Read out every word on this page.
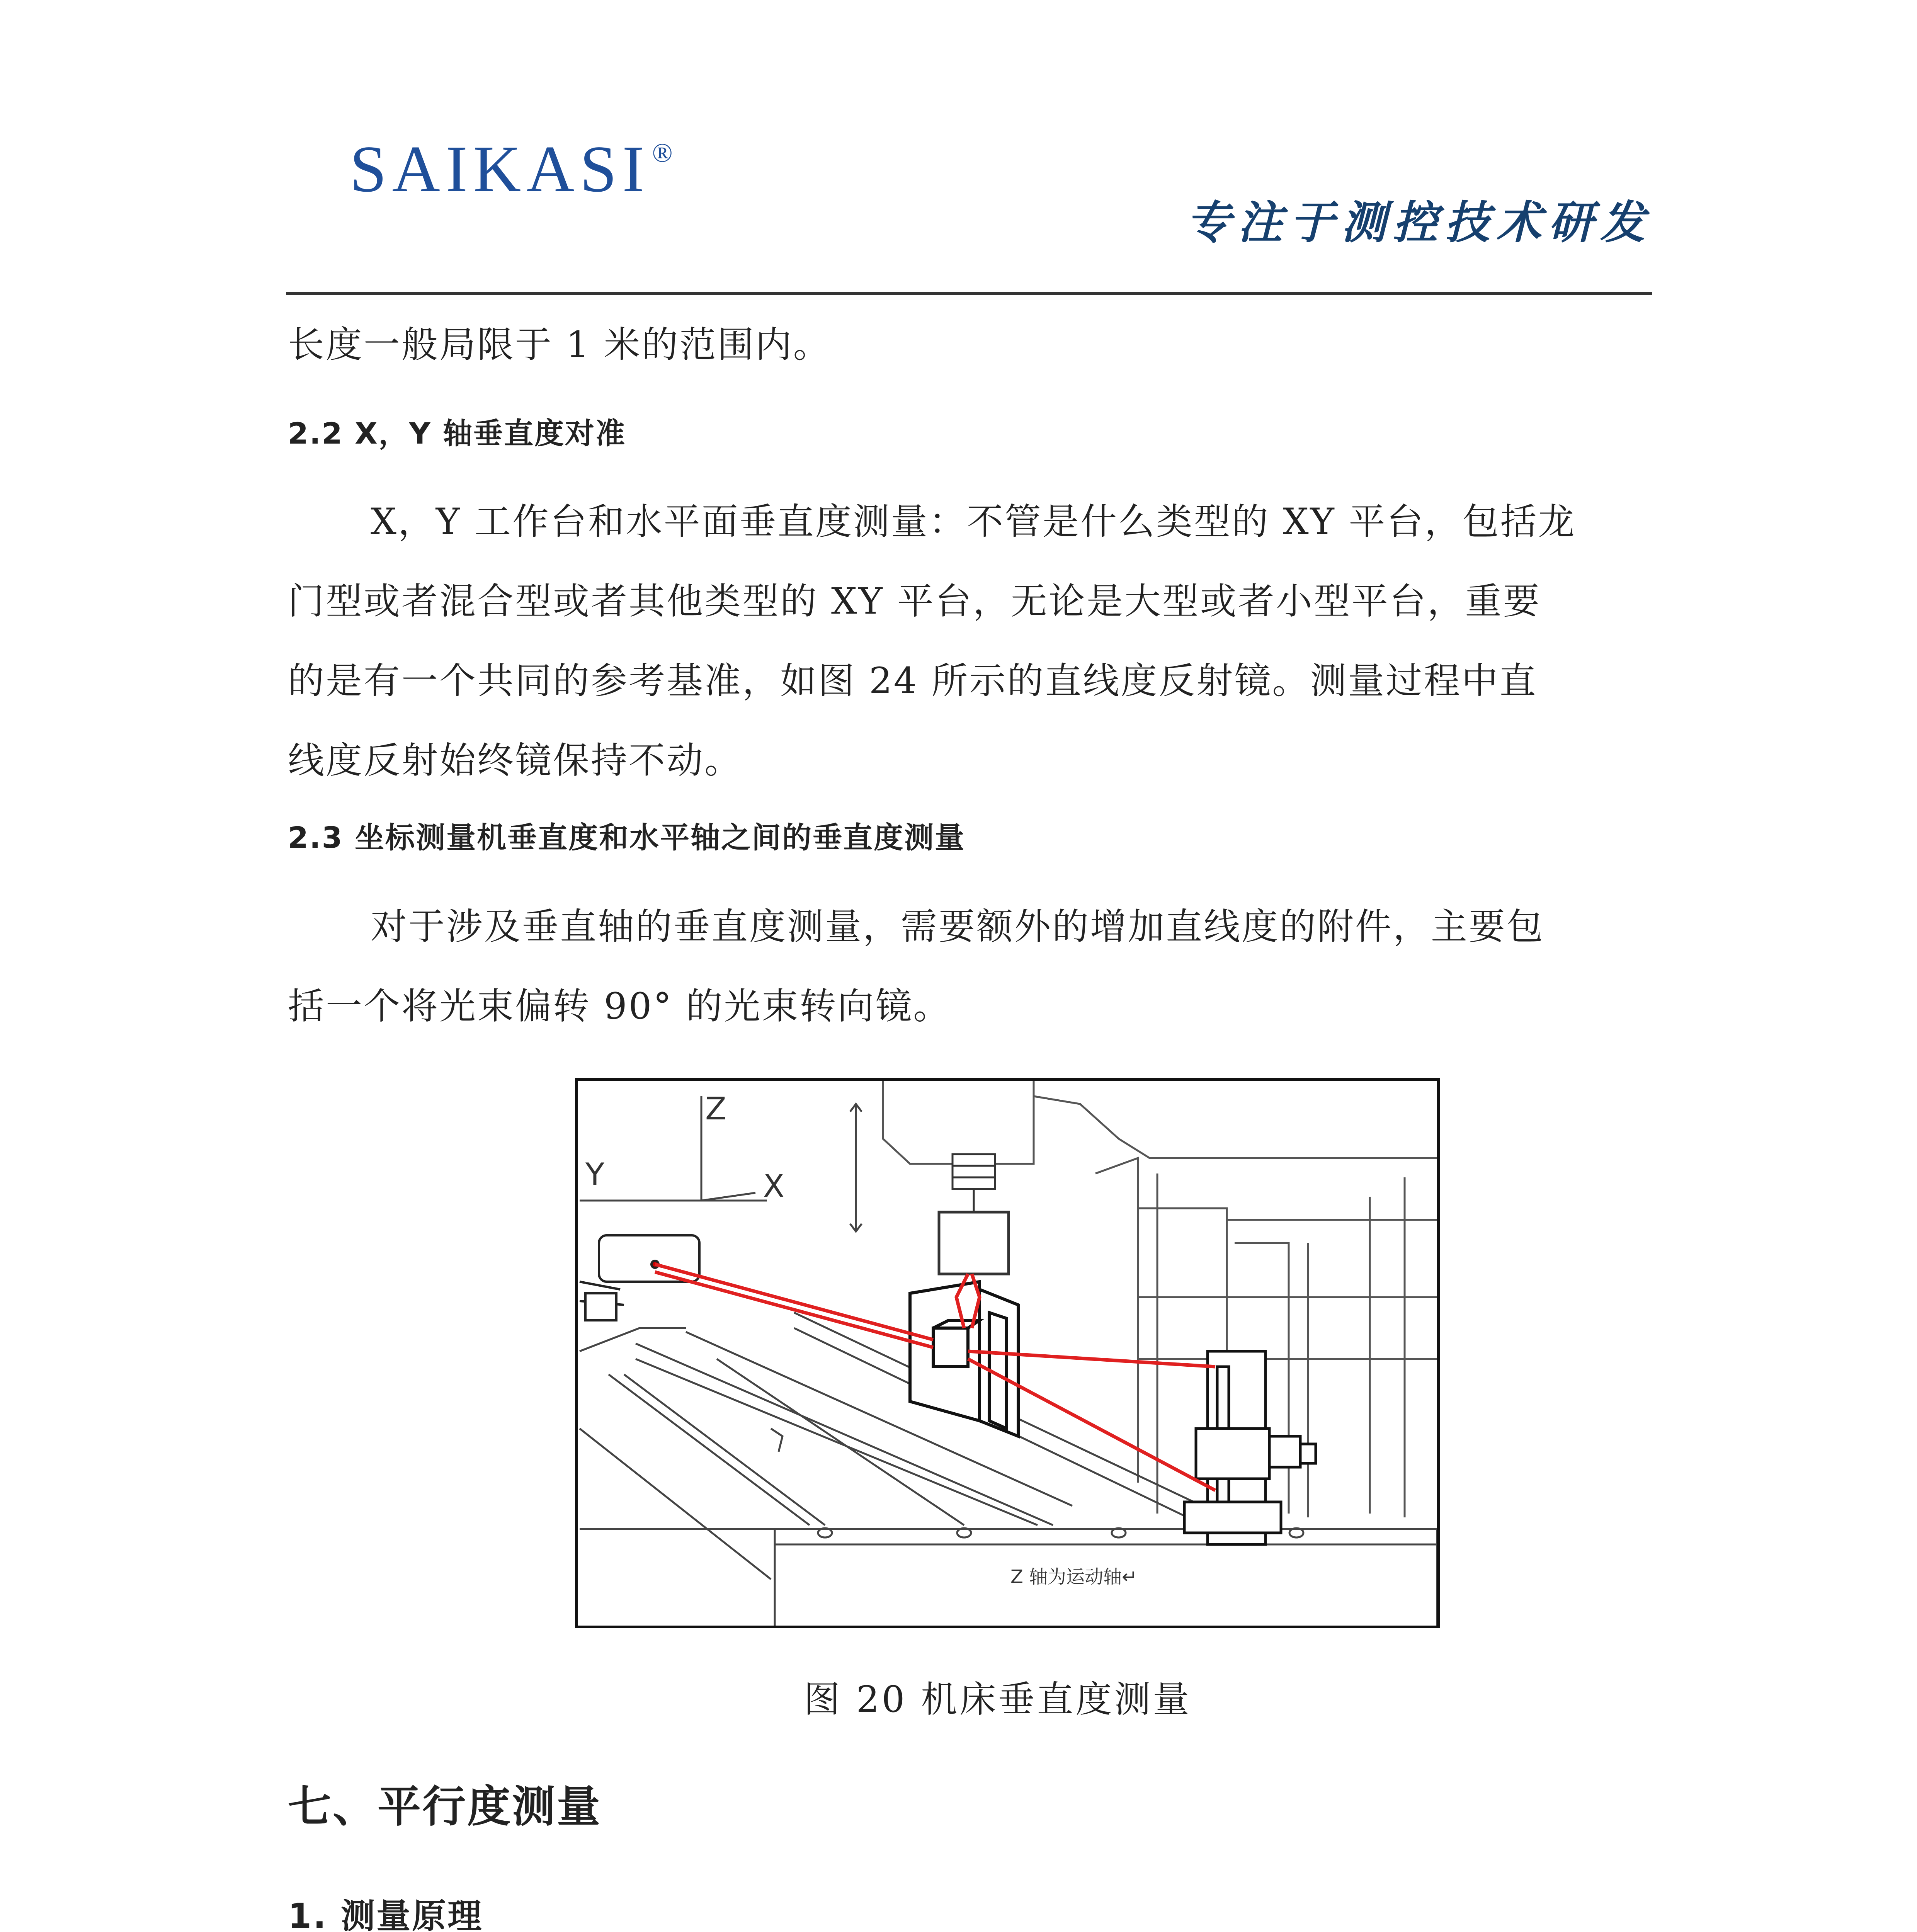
SAIKASI®
专注于测控技术研发
长度一般局限于 1 米的范围内。
2.2 X，Y 轴垂直度对准
X，Y 工作台和水平面垂直度测量：不管是什么类型的 XY 平台，包括龙
门型或者混合型或者其他类型的 XY 平台，无论是大型或者小型平台，重要
的是有一个共同的参考基准，如图 24 所示的直线度反射镜。测量过程中直
线度反射始终镜保持不动。
2.3 坐标测量机垂直度和水平轴之间的垂直度测量
对于涉及垂直轴的垂直度测量，需要额外的增加直线度的附件，主要包
括一个将光束偏转 90° 的光束转向镜。
Z
Y	X
Z 轴为运动轴↵
图 20 机床垂直度测量
七、平行度测量
1. 测量原理
